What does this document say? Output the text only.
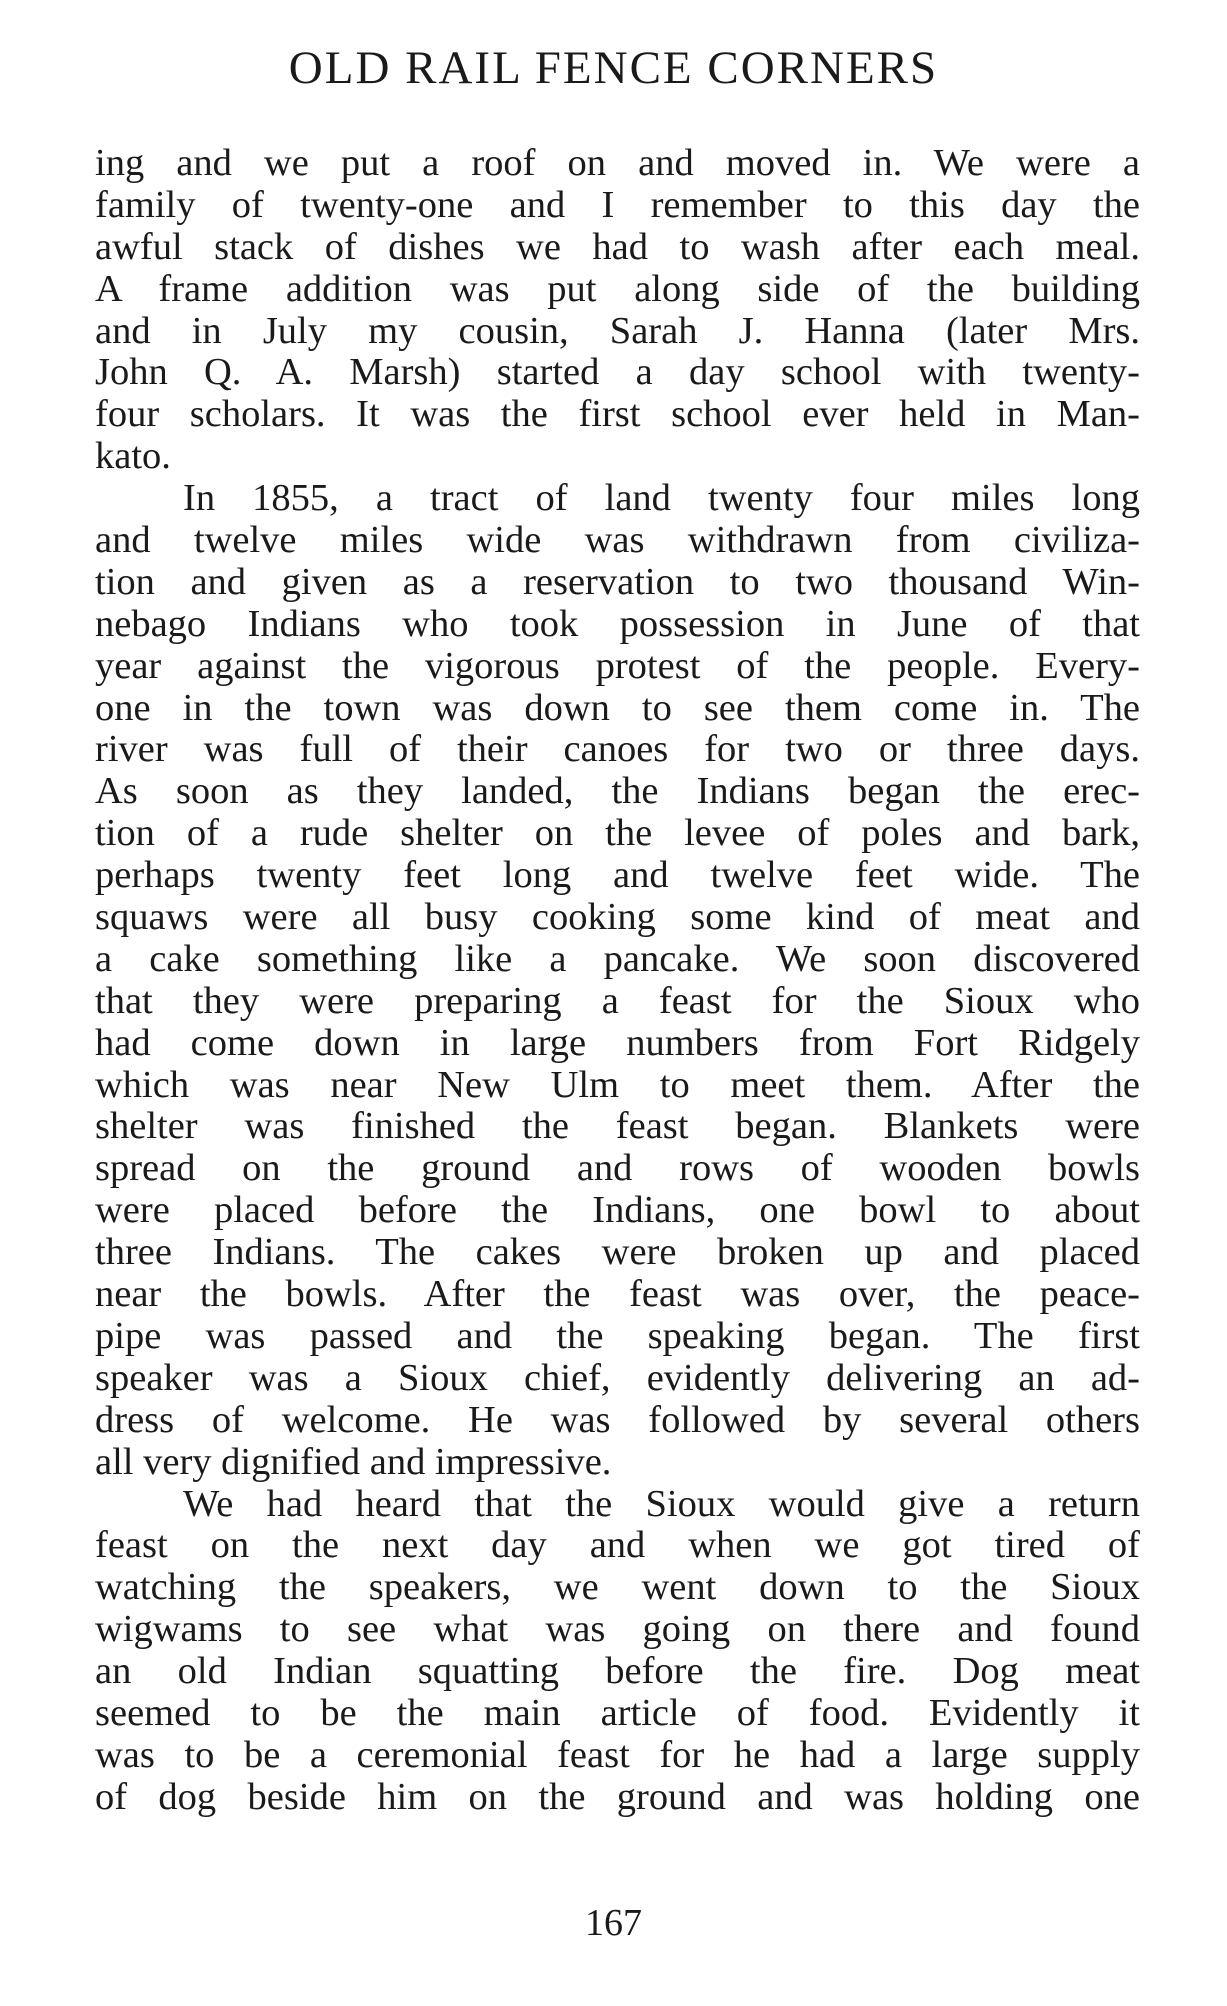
OLD RAIL FENCE CORNERS
ing and we put a roof on and moved in. We were a
family of twenty-one and I remember to this day the
awful stack of dishes we had to wash after each meal.
A frame addition was put along side of the building
and in July my cousin, Sarah J. Hanna (later Mrs.
John Q. A. Marsh) started a day school with twenty-
four scholars. It was the first school ever held in Man-
kato.
In 1855, a tract of land twenty four miles long
and twelve miles wide was withdrawn from civiliza-
tion and given as a reservation to two thousand Win-
nebago Indians who took possession in June of that
year against the vigorous protest of the people. Every-
one in the town was down to see them come in. The
river was full of their canoes for two or three days.
As soon as they landed, the Indians began the erec-
tion of a rude shelter on the levee of poles and bark,
perhaps twenty feet long and twelve feet wide. The
squaws were all busy cooking some kind of meat and
a cake something like a pancake. We soon discovered
that they were preparing a feast for the Sioux who
had come down in large numbers from Fort Ridgely
which was near New Ulm to meet them. After the
shelter was finished the feast began. Blankets were
spread on the ground and rows of wooden bowls
were placed before the Indians, one bowl to about
three Indians. The cakes were broken up and placed
near the bowls. After the feast was over, the peace-
pipe was passed and the speaking began. The first
speaker was a Sioux chief, evidently delivering an ad-
dress of welcome. He was followed by several others
all very dignified and impressive.
We had heard that the Sioux would give a return
feast on the next day and when we got tired of
watching the speakers, we went down to the Sioux
wigwams to see what was going on there and found
an old Indian squatting before the fire. Dog meat
seemed to be the main article of food. Evidently it
was to be a ceremonial feast for he had a large supply
of dog beside him on the ground and was holding one
167
